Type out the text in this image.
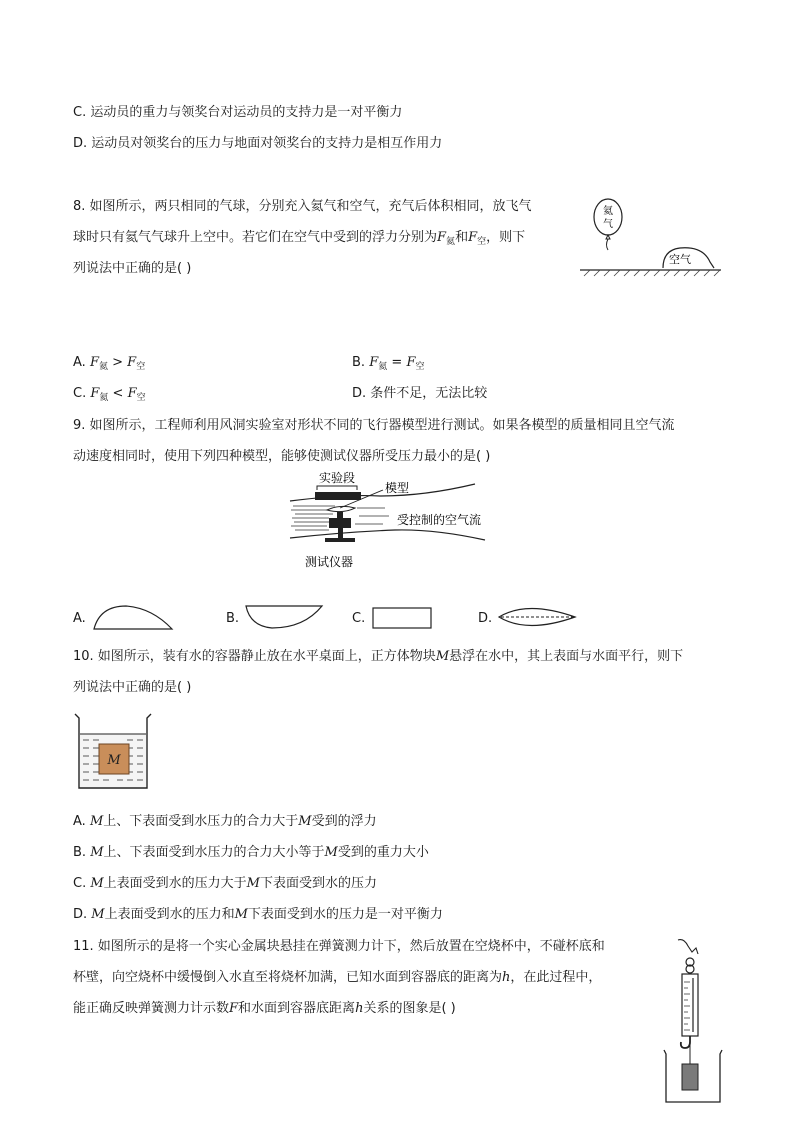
C. 运动员的重力与领奖台对运动员的支持力是一对平衡力
D. 运动员对领奖台的压力与地面对领奖台的支持力是相互作用力
8. 如图所示，两只相同的气球，分别充入氦气和空气，充气后体积相同，放飞气
球时只有氦气气球升上空中。若它们在空气中受到的浮力分别为$F_氦$和$F_空$，则下
列说法中正确的是( )
氦
气
空气
A. $F_氦 > F_空$	B. $F_氦 = F_空$
C. $F_氦 < F_空$	D. 条件不足，无法比较
9. 如图所示，工程师利用风洞实验室对形状不同的飞行器模型进行测试。如果各模型的质量相同且空气流
动速度相同时，使用下列四种模型，能够使测试仪器所受压力最小的是( )
实验段
模型
受控制的空气流
测试仪器
A.	B.	C.	D.
10. 如图所示，装有水的容器静止放在水平桌面上，正方体物块M悬浮在水中，其上表面与水面平行，则下
列说法中正确的是( )
M
A. M上、下表面受到水压力的合力大于M受到的浮力
B. M上、下表面受到水压力的合力大小等于M受到的重力大小
C. M上表面受到水的压力大于M下表面受到水的压力
D. M上表面受到水的压力和M下表面受到水的压力是一对平衡力
11. 如图所示的是将一个实心金属块悬挂在弹簧测力计下，然后放置在空烧杯中，不碰杯底和
杯壁，向空烧杯中缓慢倒入水直至将烧杯加满，已知水面到容器底的距离为h，在此过程中，
能正确反映弹簧测力计示数F和水面到容器底距离h关系的图象是( )
